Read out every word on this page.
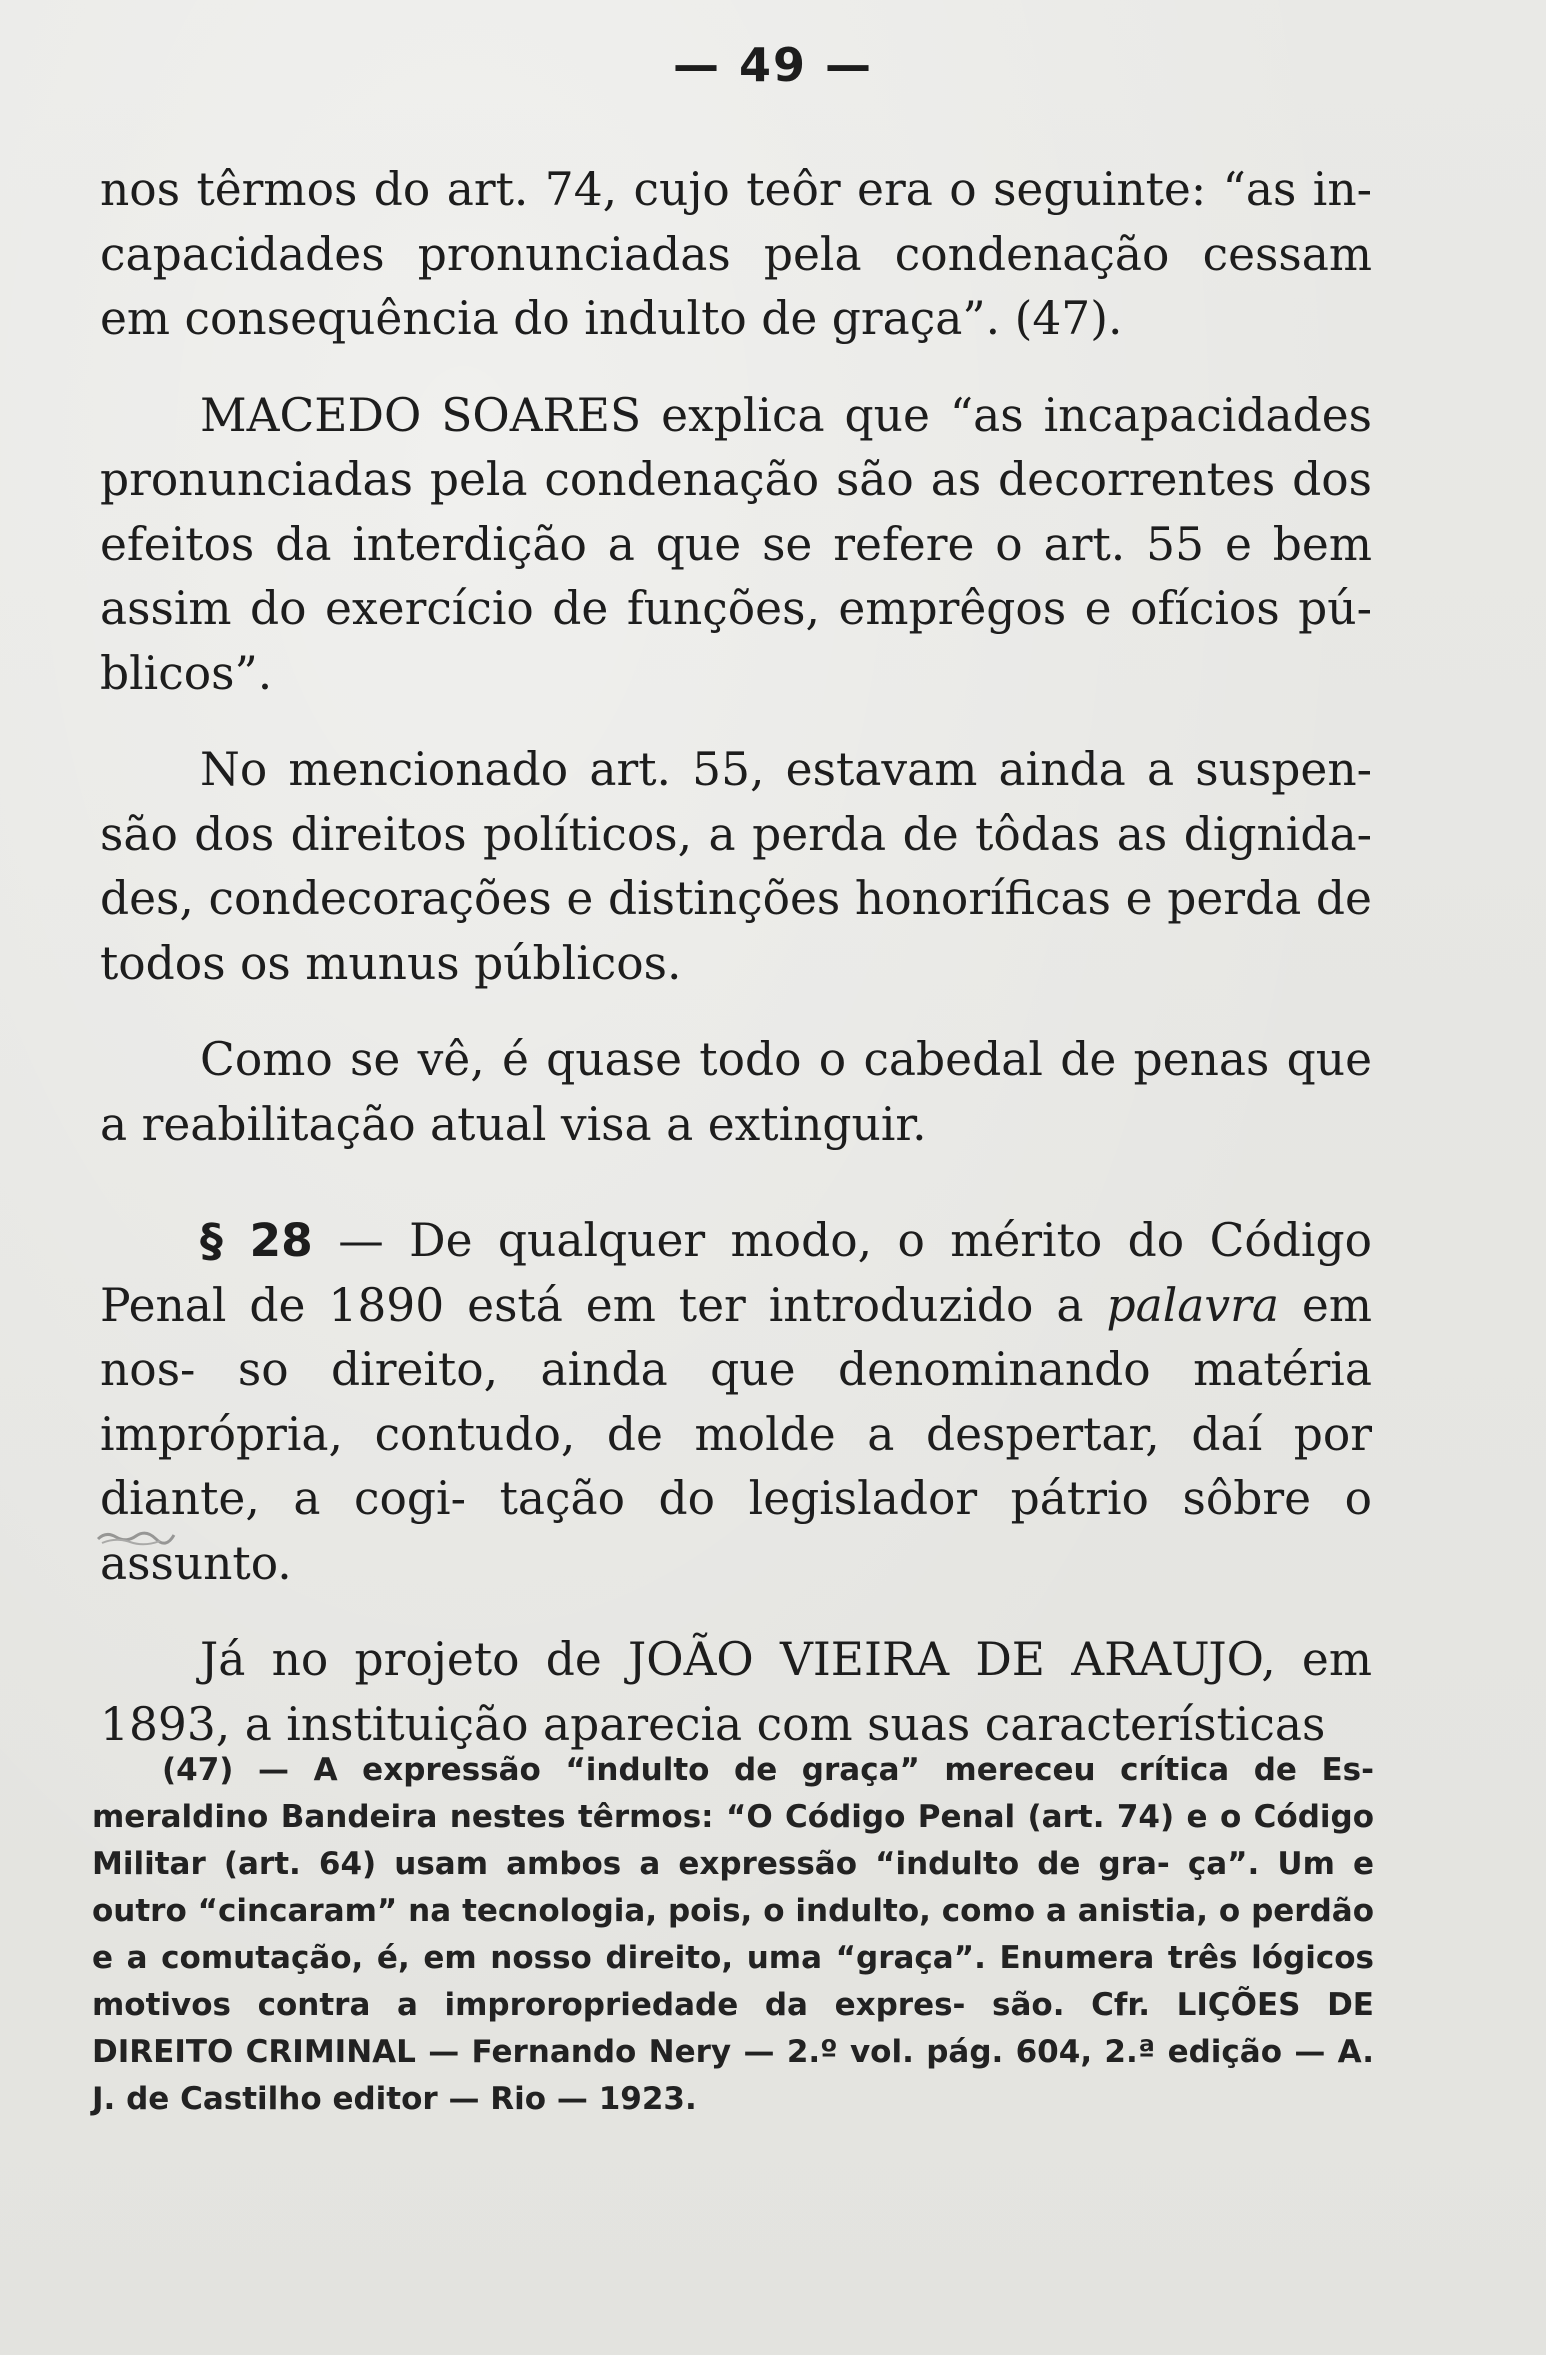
— 49 —

nos têrmos do art. 74, cujo teôr era o seguinte: “as in- capacidades pronunciadas pela condenação cessam em consequência do indulto de graça”. (47).

MACEDO SOARES explica que “as incapacidades pronunciadas pela condenação são as decorrentes dos efeitos da interdição a que se refere o art. 55 e bem assim do exercício de funções, emprêgos e ofícios pú- blicos”.

No mencionado art. 55, estavam ainda a suspen- são dos direitos políticos, a perda de tôdas as dignida- des, condecorações e distinções honoríficas e perda de todos os munus públicos.

Como se vê, é quase todo o cabedal de penas que a reabilitação atual visa a extinguir.

§ 28 — De qualquer modo, o mérito do Código Penal de 1890 está em ter introduzido a palavra em nos- so direito, ainda que denominando matéria imprópria, contudo, de molde a despertar, daí por diante, a cogi- tação do legislador pátrio sôbre o assunto.

Já no projeto de JOÃO VIEIRA DE ARAUJO, em 1893, a instituição aparecia com suas características

(47) — A expressão “indulto de graça” mereceu crítica de Es- meraldino Bandeira nestes têrmos: “O Código Penal (art. 74) e o Código Militar (art. 64) usam ambos a expressão “indulto de gra- ça”. Um e outro “cincaram” na tecnologia, pois, o indulto, como a anistia, o perdão e a comutação, é, em nosso direito, uma “graça”. Enumera três lógicos motivos contra a improropriedade da expres- são. Cfr. LIÇÕES DE DIREITO CRIMINAL — Fernando Nery — 2.º vol. pág. 604, 2.ª edição — A. J. de Castilho editor — Rio — 1923.
